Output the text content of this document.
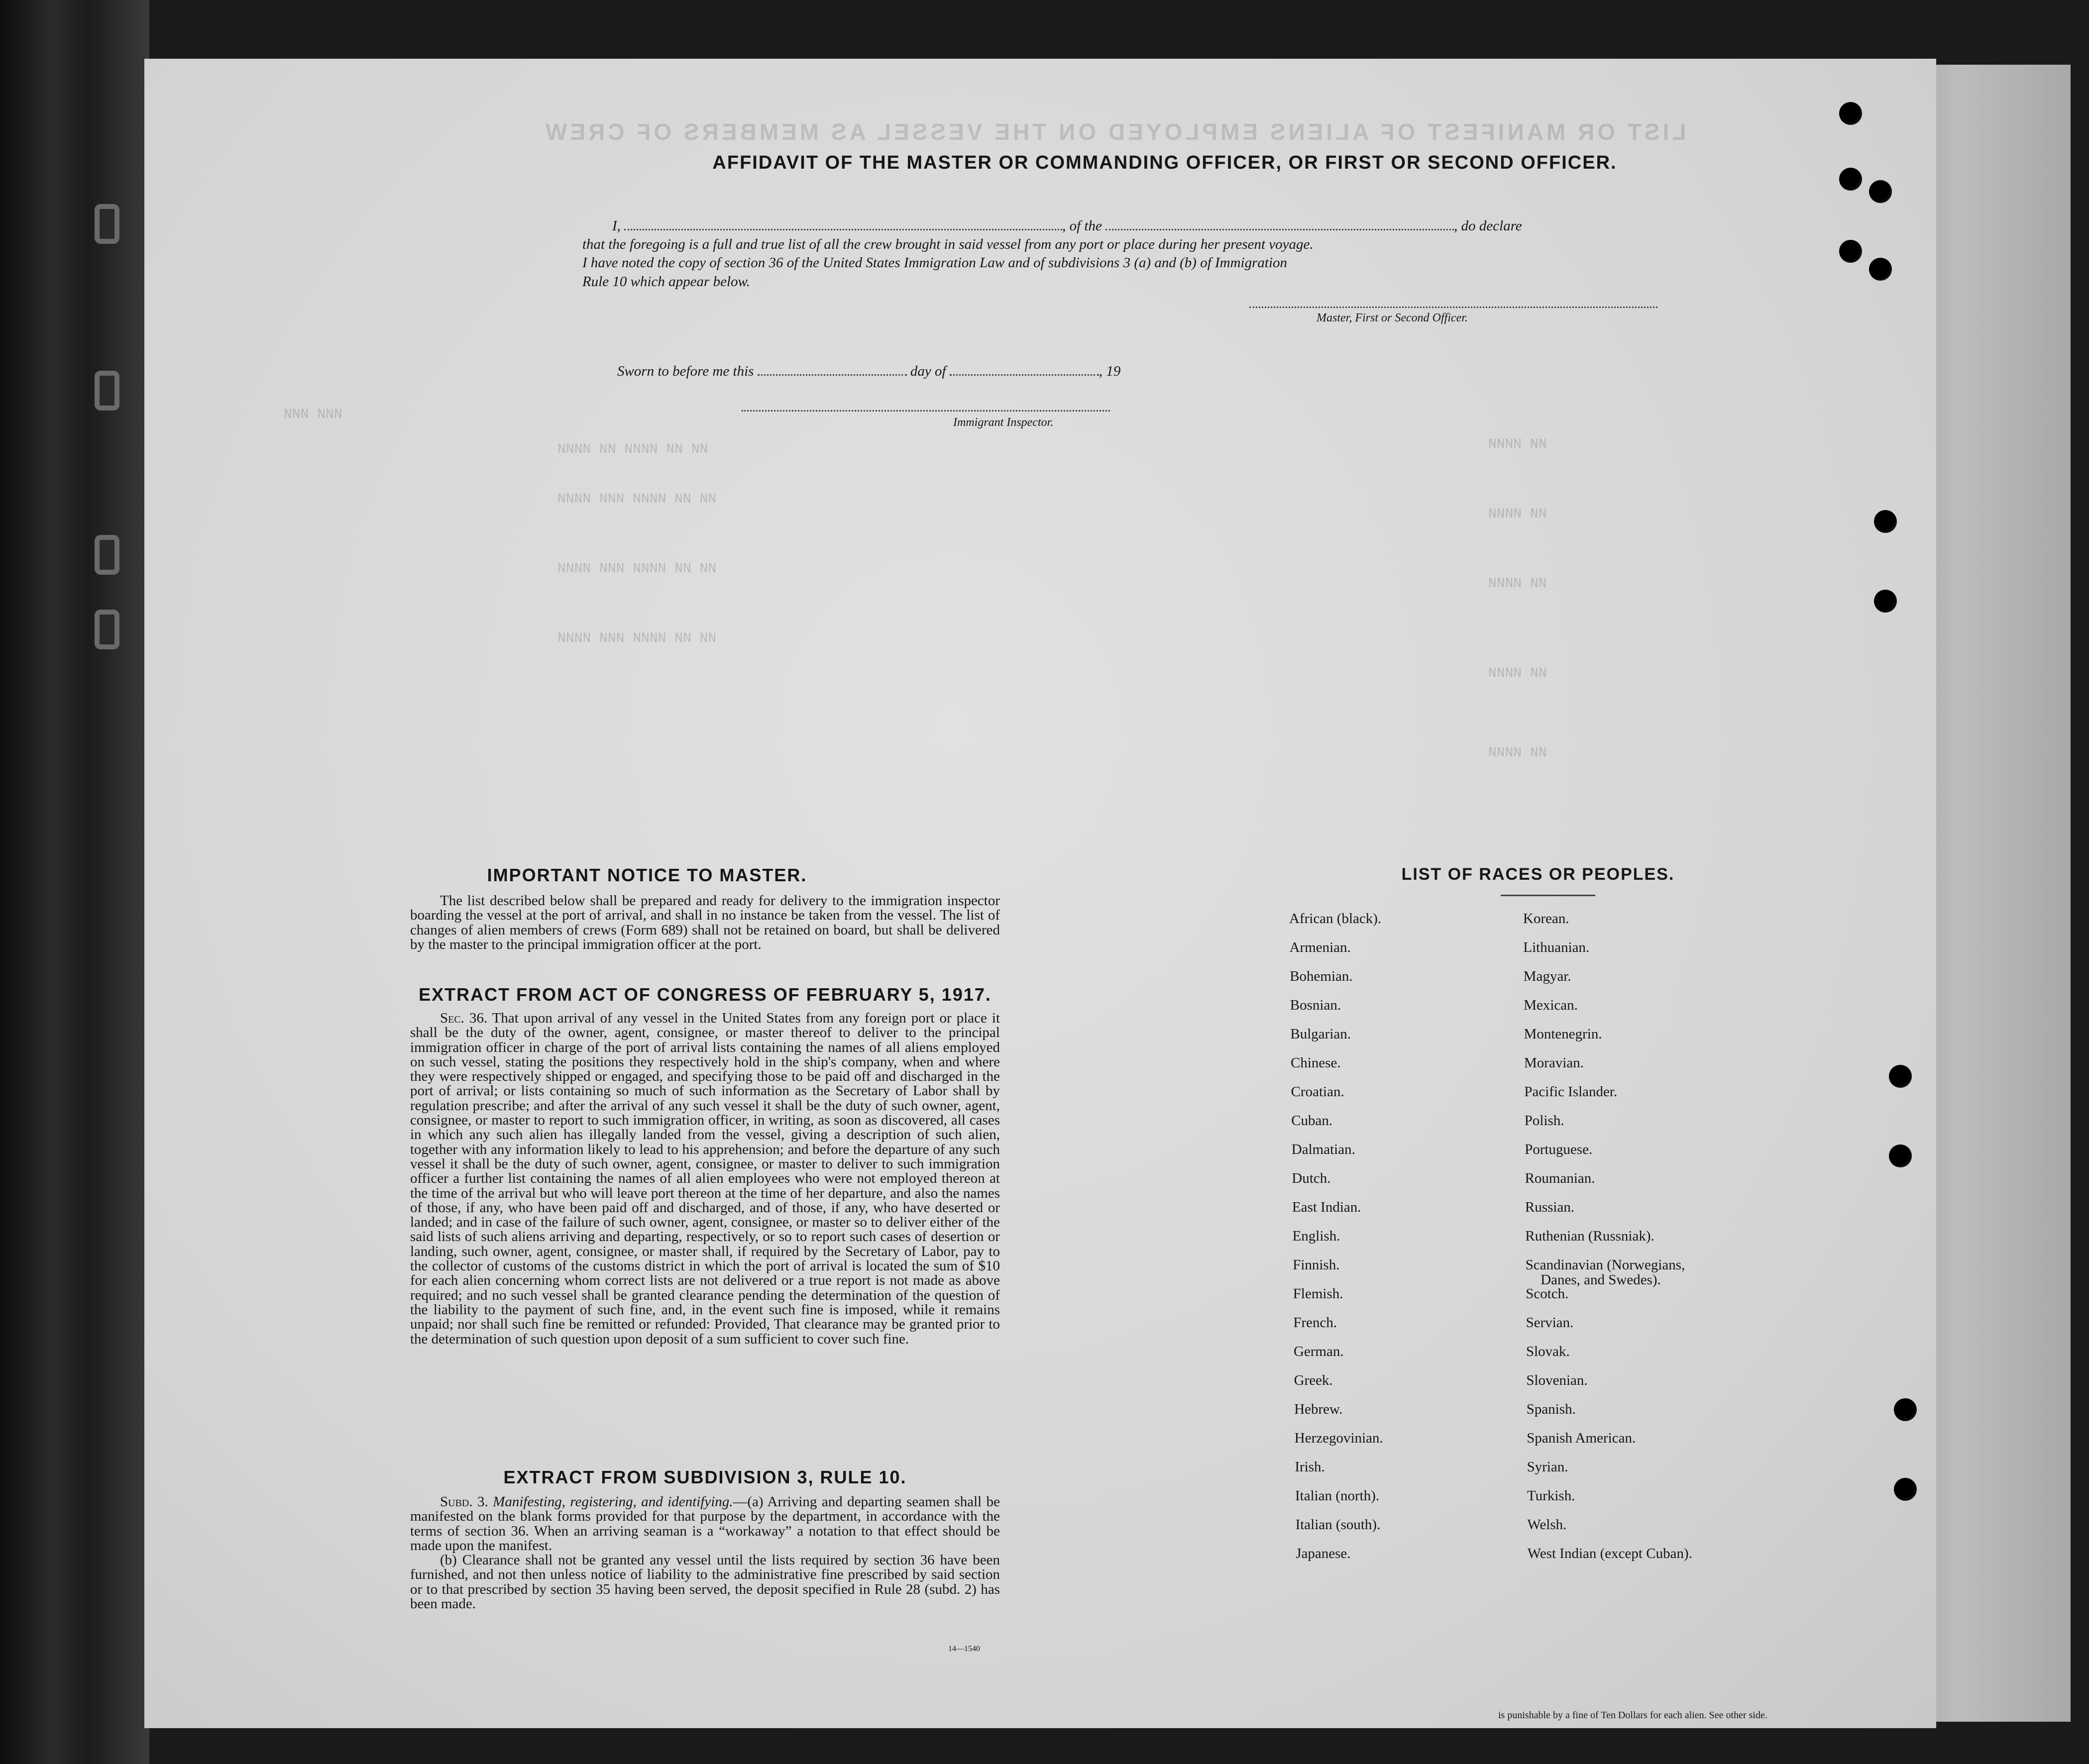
LIST OR MANIFEST OF ALIENS EMPLOYED ON THE VESSEL AS MEMBERS OF CREW
NNN NNN
NNNN NN NNNN NN NN
NNNN NNN NNNN NN NN
NNNN NNN NNNN NN NN
NNNN NNN NNNN NN NN
NNNN NN
NNNN NN
NNNN NN
NNNN NN
NNNN NN
AFFIDAVIT OF THE MASTER OR COMMANDING OFFICER, OR FIRST OR SECOND OFFICER.
I,	, of the	, do declare
that the foregoing is a full and true list of all the crew brought in said vessel from any port or place during her present voyage.
I have noted the copy of section 36 of the United States Immigration Law and of subdivisions 3 (a) and (b) of Immigration
Rule 10 which appear below.
Master, First or Second Officer.
Sworn to before me this	day of	, 19
Immigrant Inspector.
IMPORTANT NOTICE TO MASTER.

The list described below shall be prepared and ready for delivery to the immigration inspector boarding the vessel at the port of arrival, and shall in no instance be taken from the vessel. The list of changes of alien members of crews (Form 689) shall not be retained on board, but shall be delivered by the master to the principal immigration officer at the port.

EXTRACT FROM ACT OF CONGRESS OF FEBRUARY 5, 1917.

Sec. 36. That upon arrival of any vessel in the United States from any foreign port or place it shall be the duty of the owner, agent, consignee, or master thereof to deliver to the principal immigration officer in charge of the port of arrival lists containing the names of all aliens employed on such vessel, stating the positions they respectively hold in the ship's company, when and where they were respectively shipped or engaged, and specifying those to be paid off and discharged in the port of arrival; or lists containing so much of such information as the Secretary of Labor shall by regulation prescribe; and after the arrival of any such vessel it shall be the duty of such owner, agent, consignee, or master to report to such immigration officer, in writing, as soon as discovered, all cases in which any such alien has illegally landed from the vessel, giving a description of such alien, together with any information likely to lead to his apprehension; and before the departure of any such vessel it shall be the duty of such owner, agent, consignee, or master to deliver to such immigration officer a further list containing the names of all alien employees who were not employed thereon at the time of the arrival but who will leave port thereon at the time of her departure, and also the names of those, if any, who have been paid off and discharged, and of those, if any, who have deserted or landed; and in case of the failure of such owner, agent, consignee, or master so to deliver either of the said lists of such aliens arriving and departing, respectively, or so to report such cases of desertion or landing, such owner, agent, consignee, or master shall, if required by the Secretary of Labor, pay to the collector of customs of the customs district in which the port of arrival is located the sum of $10 for each alien concerning whom correct lists are not delivered or a true report is not made as above required; and no such vessel shall be granted clearance pending the determination of the question of the liability to the payment of such fine, and, in the event such fine is imposed, while it remains unpaid; nor shall such fine be remitted or refunded: Provided, That clearance may be granted prior to the determination of such question upon deposit of a sum sufficient to cover such fine.

EXTRACT FROM SUBDIVISION 3, RULE 10.

Subd. 3. Manifesting, registering, and identifying.—(a) Arriving and departing seamen shall be manifested on the blank forms provided for that purpose by the department, in accordance with the terms of section 36. When an arriving seaman is a “workaway” a notation to that effect should be made upon the manifest.

(b) Clearance shall not be granted any vessel until the lists required by section 36 have been furnished, and not then unless notice of liability to the administrative fine prescribed by said section or to that prescribed by section 35 having been served, the deposit specified in Rule 28 (subd. 2) has been made.

14—1540
LIST OF RACES OR PEOPLES.
African (black).
Armenian.
Bohemian.
Bosnian.
Bulgarian.
Chinese.
Croatian.
Cuban.
Dalmatian.
Dutch.
East Indian.
English.
Finnish.
Flemish.
French.
German.
Greek.
Hebrew.
Herzegovinian.
Irish.
Italian (north).
Italian (south).
Japanese.
Korean.
Lithuanian.
Magyar.
Mexican.
Montenegrin.
Moravian.
Pacific Islander.
Polish.
Portuguese.
Roumanian.
Russian.
Ruthenian (Russniak).
Scandinavian (Norwegians,
Danes, and Swedes).
Scotch.
Servian.
Slovak.
Slovenian.
Spanish.
Spanish American.
Syrian.
Turkish.
Welsh.
West Indian (except Cuban).
is punishable by a fine of Ten Dollars for each alien. See other side.
